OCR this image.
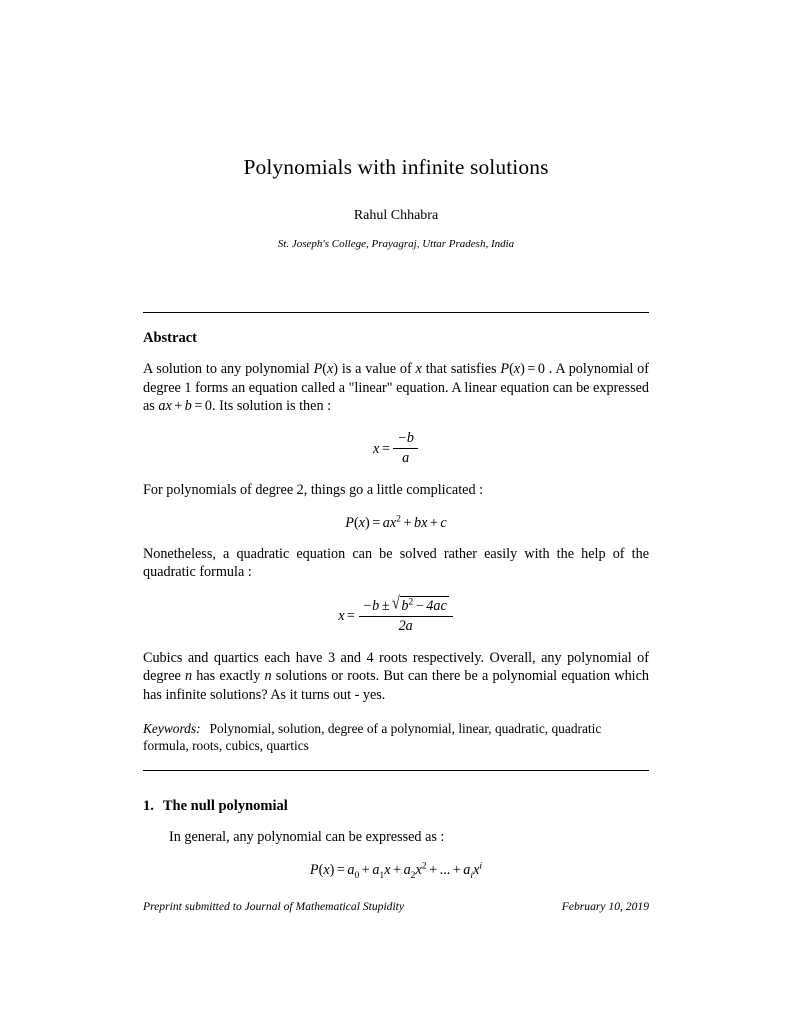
Polynomials with infinite solutions
Rahul Chhabra
St. Joseph's College, Prayagraj, Uttar Pradesh, India
Abstract

A solution to any polynomial P(x) is a value of x that satisfies P(x) = 0 . A polynomial of degree 1 forms an equation called a "linear" equation. A linear equation can be expressed as ax + b = 0. Its solution is then :

$x = \frac{-b}{a}$

For polynomials of degree 2, things go a little complicated :

$P(x) = ax^2$ + bx + c

Nonetheless, a quadratic equation can be solved rather easily with the help of the quadratic formula :

$x = \frac{-b \pm √ b^2 - 4ac}{2a}$

Cubics and quartics each have 3 and 4 roots respectively. Overall, any polynomial of degree n has exactly n solutions or roots. But can there be a polynomial equation which has infinite solutions? As it turns out - yes.

Keywords: Polynomial, solution, degree of a polynomial, linear, quadratic, quadratic formula, roots, cubics, quartics

1. The null polynomial

In general, any polynomial can be expressed as :

$P(x) = a_0 + a_1x + a_2x^2$ + ... + $a_ix^i$
Preprint submitted to Journal of Mathematical Stupidity	February 10, 2019
